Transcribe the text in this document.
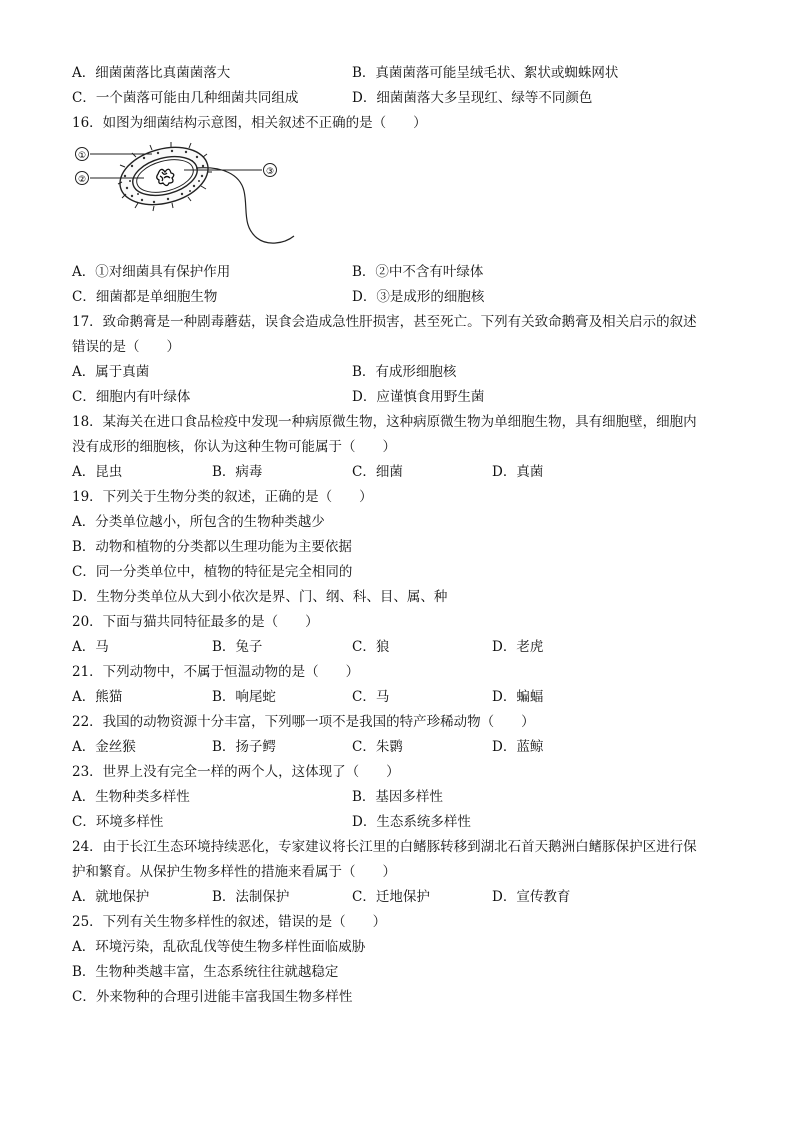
A．细菌菌落比真菌菌落大	B．真菌菌落可能呈绒毛状、絮状或蜘蛛网状
C．一个菌落可能由几种细菌共同组成	D．细菌菌落大多呈现红、绿等不同颜色
16．如图为细菌结构示意图，相关叙述不正确的是（　　）
①
②
③
A．①对细菌具有保护作用	B．②中不含有叶绿体
C．细菌都是单细胞生物	D．③是成形的细胞核
17．致命鹅膏是一种剧毒蘑菇，误食会造成急性肝损害，甚至死亡。下列有关致命鹅膏及相关启示的叙述
错误的是（　　）
A．属于真菌	B．有成形细胞核
C．细胞内有叶绿体	D．应谨慎食用野生菌
18．某海关在进口食品检疫中发现一种病原微生物，这种病原微生物为单细胞生物，具有细胞壁，细胞内
没有成形的细胞核，你认为这种生物可能属于（　　）
A．昆虫	B．病毒	C．细菌	D．真菌
19．下列关于生物分类的叙述，正确的是（　　）
A．分类单位越小，所包含的生物种类越少
B．动物和植物的分类都以生理功能为主要依据
C．同一分类单位中，植物的特征是完全相同的
D．生物分类单位从大到小依次是界、门、纲、科、目、属、种
20．下面与猫共同特征最多的是（　　）
A．马	B．兔子	C．狼	D．老虎
21．下列动物中，不属于恒温动物的是（　　）
A．熊猫	B．响尾蛇	C．马	D．蝙蝠
22．我国的动物资源十分丰富，下列哪一项不是我国的特产珍稀动物（　　）
A．金丝猴	B．扬子鳄	C．朱鹮	D．蓝鲸
23．世界上没有完全一样的两个人，这体现了（　　）
A．生物种类多样性	B．基因多样性
C．环境多样性	D．生态系统多样性
24．由于长江生态环境持续恶化，专家建议将长江里的白鳍豚转移到湖北石首天鹅洲白鳍豚保护区进行保
护和繁育。从保护生物多样性的措施来看属于（　　）
A．就地保护	B．法制保护	C．迁地保护	D．宣传教育
25．下列有关生物多样性的叙述，错误的是（　　）
A．环境污染，乱砍乱伐等使生物多样性面临威胁
B．生物种类越丰富，生态系统往往就越稳定
C．外来物种的合理引进能丰富我国生物多样性
